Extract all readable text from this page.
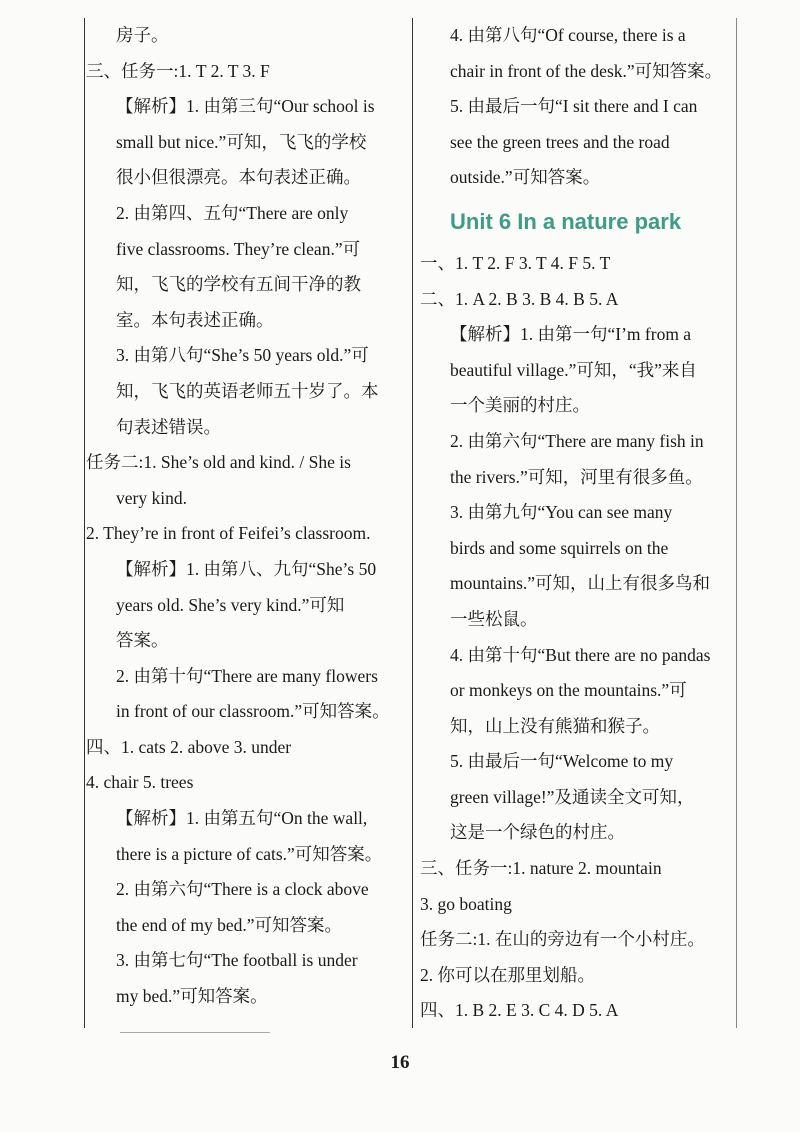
房子。

三、任务一:1. T 2. T 3. F

【解析】1. 由第三句“Our school is

small but nice.”可知，飞飞的学校

很小但很漂亮。本句表述正确。

2. 由第四、五句“There are only

five classrooms. They’re clean.”可

知，飞飞的学校有五间干净的教

室。本句表述正确。

3. 由第八句“She’s 50 years old.”可

知，飞飞的英语老师五十岁了。本

句表述错误。

任务二:1. She’s old and kind. / She is

very kind.

2. They’re in front of Feifei’s classroom.

【解析】1. 由第八、九句“She’s 50

years old. She’s very kind.”可知

答案。

2. 由第十句“There are many flowers

in front of our classroom.”可知答案。

四、1. cats 2. above 3. under

4. chair 5. trees

【解析】1. 由第五句“On the wall,

there is a picture of cats.”可知答案。

2. 由第六句“There is a clock above

the end of my bed.”可知答案。

3. 由第七句“The football is under

my bed.”可知答案。

4. 由第八句“Of course, there is a

chair in front of the desk.”可知答案。

5. 由最后一句“I sit there and I can

see the green trees and the road

outside.”可知答案。

Unit 6 In a nature park

一、1. T 2. F 3. T 4. F 5. T

二、1. A 2. B 3. B 4. B 5. A

【解析】1. 由第一句“I’m from a

beautiful village.”可知，“我”来自

一个美丽的村庄。

2. 由第六句“There are many fish in

the rivers.”可知，河里有很多鱼。

3. 由第九句“You can see many

birds and some squirrels on the

mountains.”可知，山上有很多鸟和

一些松鼠。

4. 由第十句“But there are no pandas

or monkeys on the mountains.”可

知，山上没有熊猫和猴子。

5. 由最后一句“Welcome to my

green village!”及通读全文可知，

这是一个绿色的村庄。

三、任务一:1. nature 2. mountain

3. go boating

任务二:1. 在山的旁边有一个小村庄。

2. 你可以在那里划船。

四、1. B 2. E 3. C 4. D 5. A

16
